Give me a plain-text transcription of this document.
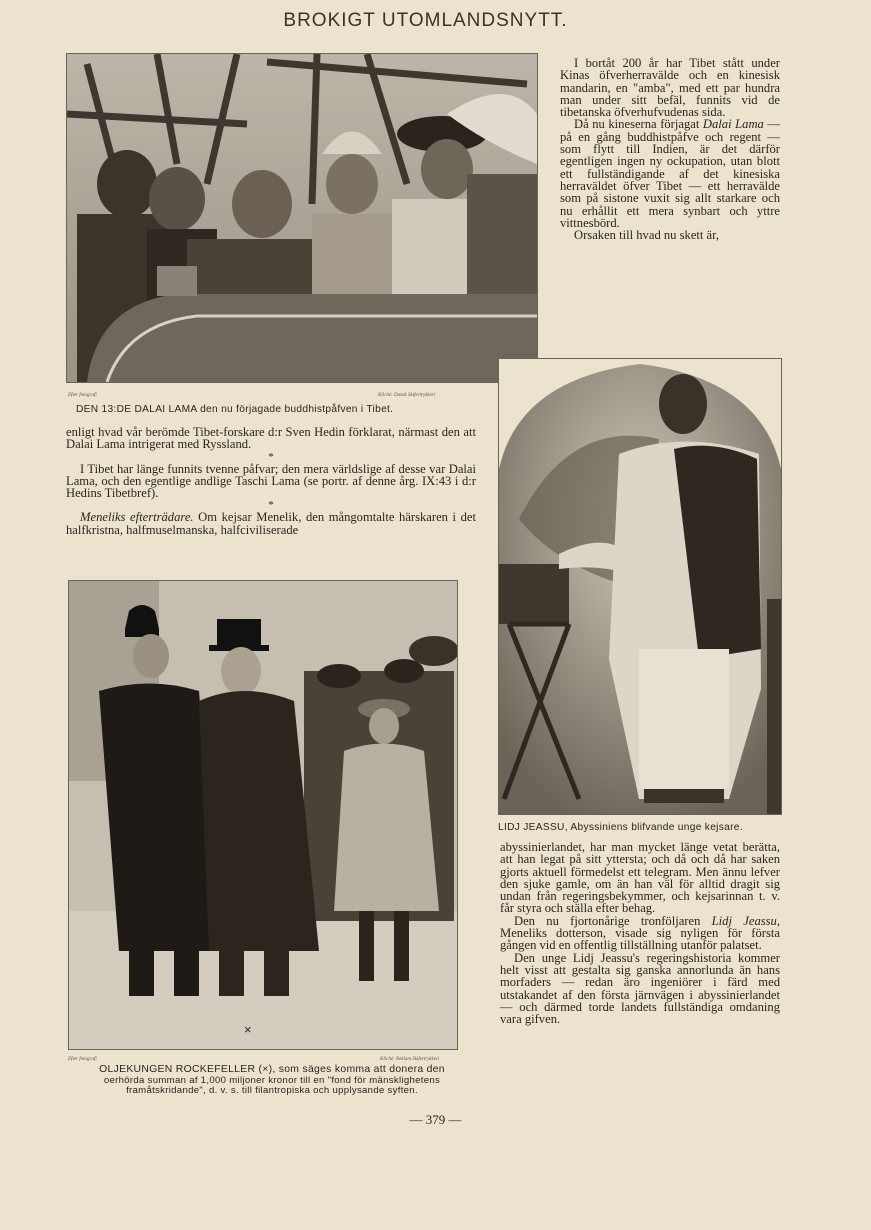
BROKIGT UTOMLANDSNYTT.
Efter fotografi	Kliché: Dansk Skifertrykkeri
DEN 13:DE DALAI LAMA den nu förjagade buddhistpåfven i Tibet.

I bortåt 200 år har Tibet stått under Kinas öfverherravälde och en kinesisk mandarin, en "amba", med ett par hundra man under sitt befäl, funnits vid de tibetanska öfverhufvudenas sida.

Då nu kineserna förjagat Dalai Lama — på en gång buddhistpåfve och regent — som flytt till Indien, är det därför egentligen ingen ny ockupation, utan blott ett fullständigande af det kinesiska herraväldet öfver Tibet — ett herravälde som på sistone vuxit sig allt starkare och nu erhållit ett mera synbart och yttre vittnesbörd.

Orsaken till hvad nu skett är,

enligt hvad vår berömde Tibet-forskare d:r Sven Hedin förklarat, närmast den att Dalai Lama intrigerat med Ryssland.

*

I Tibet har länge funnits tvenne påfvar; den mera världslige af desse var Dalai Lama, och den egentlige andlige Taschi Lama (se portr. af denne årg. IX:43 i d:r Hedins Tibetbref).

*

Meneliks efterträdare. Om kejsar Menelik, den mångomtalte härskaren i det halfkristna, halfmuselmanska, halfciviliserade

LIDJ JEASSU, Abyssiniens blifvande unge kejsare.

abyssinierlandet, har man mycket länge vetat berätta, att han legat på sitt yttersta; och då och då har saken gjorts aktuell förmedelst ett telegram. Men ännu lefver den sjuke gamle, om än han väl för alltid dragit sig undan från regeringsbekymmer, och kejsarinnan t. v. får styra och ställa efter behag.

Den nu fjortonårige tronföljaren Lidj Jeassu, Meneliks dotterson, visade sig nyligen för första gången vid en offentlig tillställning utanför palatset.

Den unge Lidj Jeassu's regeringshistoria kommer helt visst att gestalta sig ganska annorlunda än hans morfaders — redan äro ingeniörer i färd med utstakandet af den första järnvägen i abyssinierlandet — och därmed torde landets fullständiga omdaning vara gifven.

×
Efter fotografi	Kliché: Reklam Skifertrykkeri
OLJEKUNGEN ROCKEFELLER (×), som säges komma att donera den
oerhörda summan af 1,000 miljoner kronor till en "fond för mänsklighetens
framåtskridande", d. v. s. till filantropiska och upplysande syften.
— 379 —
